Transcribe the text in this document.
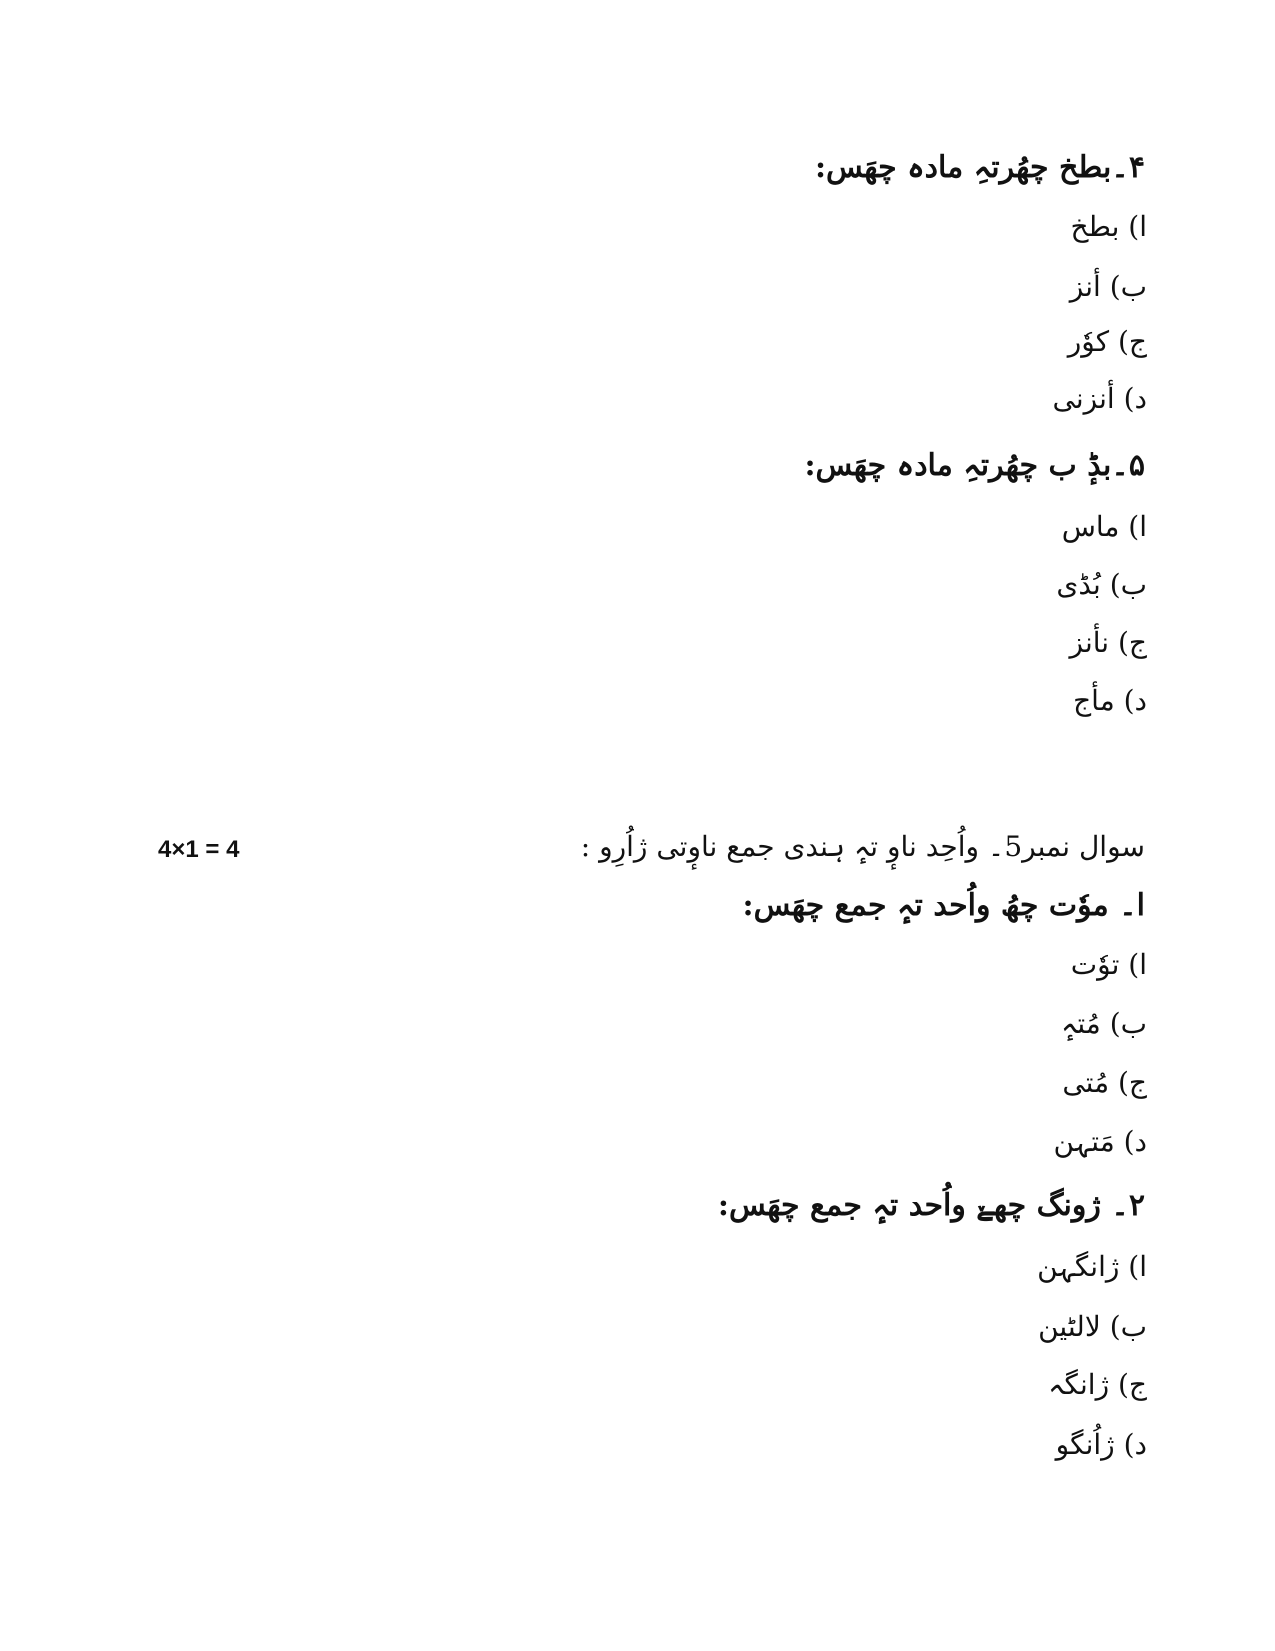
۴۔بطخ چھُرتہِ مادہ چھَس:
ا) بطخ
ب) أنز
ج) کوٗر
د) أنزنی
۵۔بڈٕ ب چھُرتہِ مادہ چھَس:
ا) ماس
ب) بُڈی
ج) نأنز
د) مأج
سوال نمبر5۔ واُحِد ناوٕ تہٕ ہندی جمع ناوٕتی ژاُرِو :
4×1 = 4
ا۔ موٗت چھُ واُحد تہٕ جمع چھَس:
ا) توٗت
ب) مُتہٕ
ج) مُتی
د) مَتہن
۲۔ ژونگ چھےٚ واُحد تہٕ جمع چھَس:
ا) ژانگہن
ب) لالٹین
ج) ژانگہ
د) ژاُنگو
